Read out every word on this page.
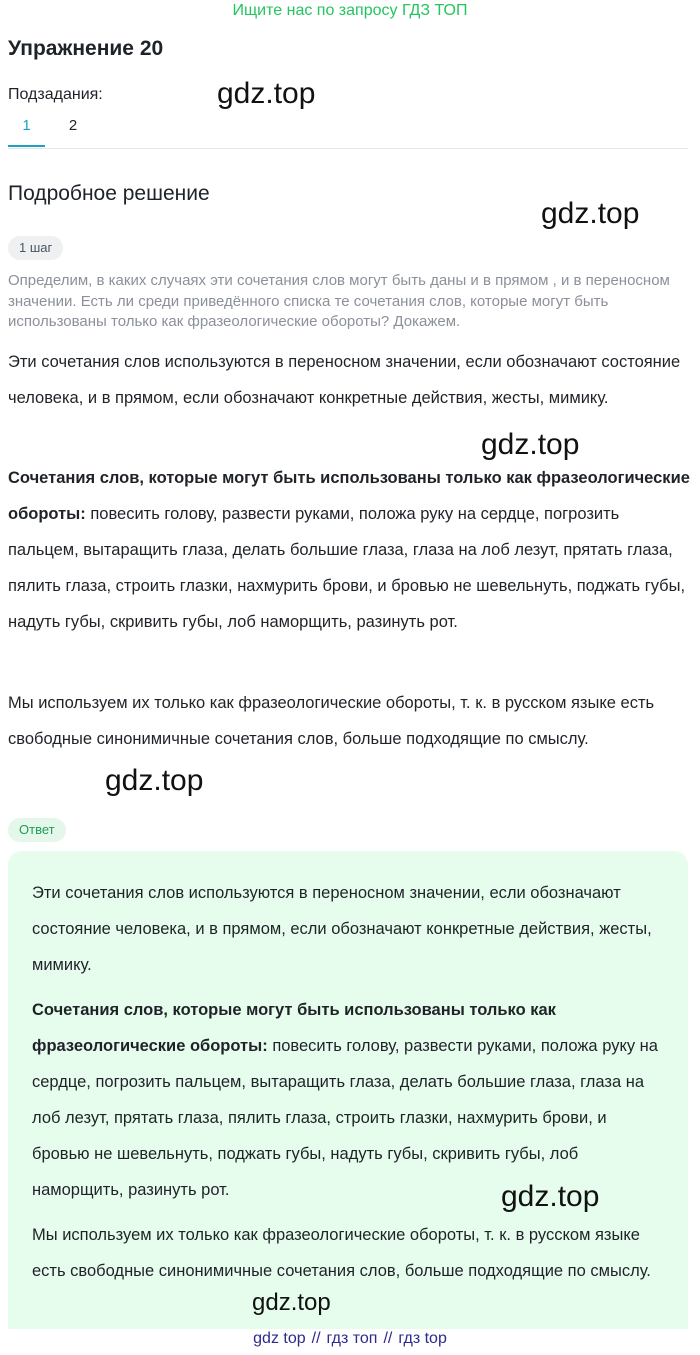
Ищите нас по запросу ГДЗ ТОП
Упражнение 20
Подзадания:	gdz.top
1	2
Подробное решение
gdz.top
1 шаг
Определим, в каких случаях эти сочетания слов могут быть даны и в прямом , и в переносном значении. Есть ли среди приведённого списка те сочетания слов, которые могут быть использованы только как фразеологические обороты? Докажем.
Эти сочетания слов используются в переносном значении, если обозначают состояние человека, и в прямом, если обозначают конкретные действия, жесты, мимику.
gdz.top
Сочетания слов, которые могут быть использованы только как фразеологические обороты: повесить голову, развести руками, положа руку на сердце, погрозить пальцем, вытаращить глаза, делать большие глаза, глаза на лоб лезут, прятать глаза, пялить глаза, строить глазки, нахмурить брови, и бровью не шевельнуть, поджать губы, надуть губы, скривить губы, лоб наморщить, разинуть рот.
Мы используем их только как фразеологические обороты, т. к. в русском языке есть свободные синонимичные сочетания слов, больше подходящие по смыслу.
gdz.top
Ответ
Эти сочетания слов используются в переносном значении, если обозначают состояние человека, и в прямом, если обозначают конкретные действия, жесты, мимику.
Сочетания слов, которые могут быть использованы только как фразеологические обороты: повесить голову, развести руками, положа руку на сердце, погрозить пальцем, вытаращить глаза, делать большие глаза, глаза на лоб лезут, прятать глаза, пялить глаза, строить глазки, нахмурить брови, и бровью не шевельнуть, поджать губы, надуть губы, скривить губы, лоб наморщить, разинуть рот.
Мы используем их только как фразеологические обороты, т. к. в русском языке есть свободные синонимичные сочетания слов, больше подходящие по смыслу.
gdz.top
gdz.top
gdz top // гдз топ // гдз top
